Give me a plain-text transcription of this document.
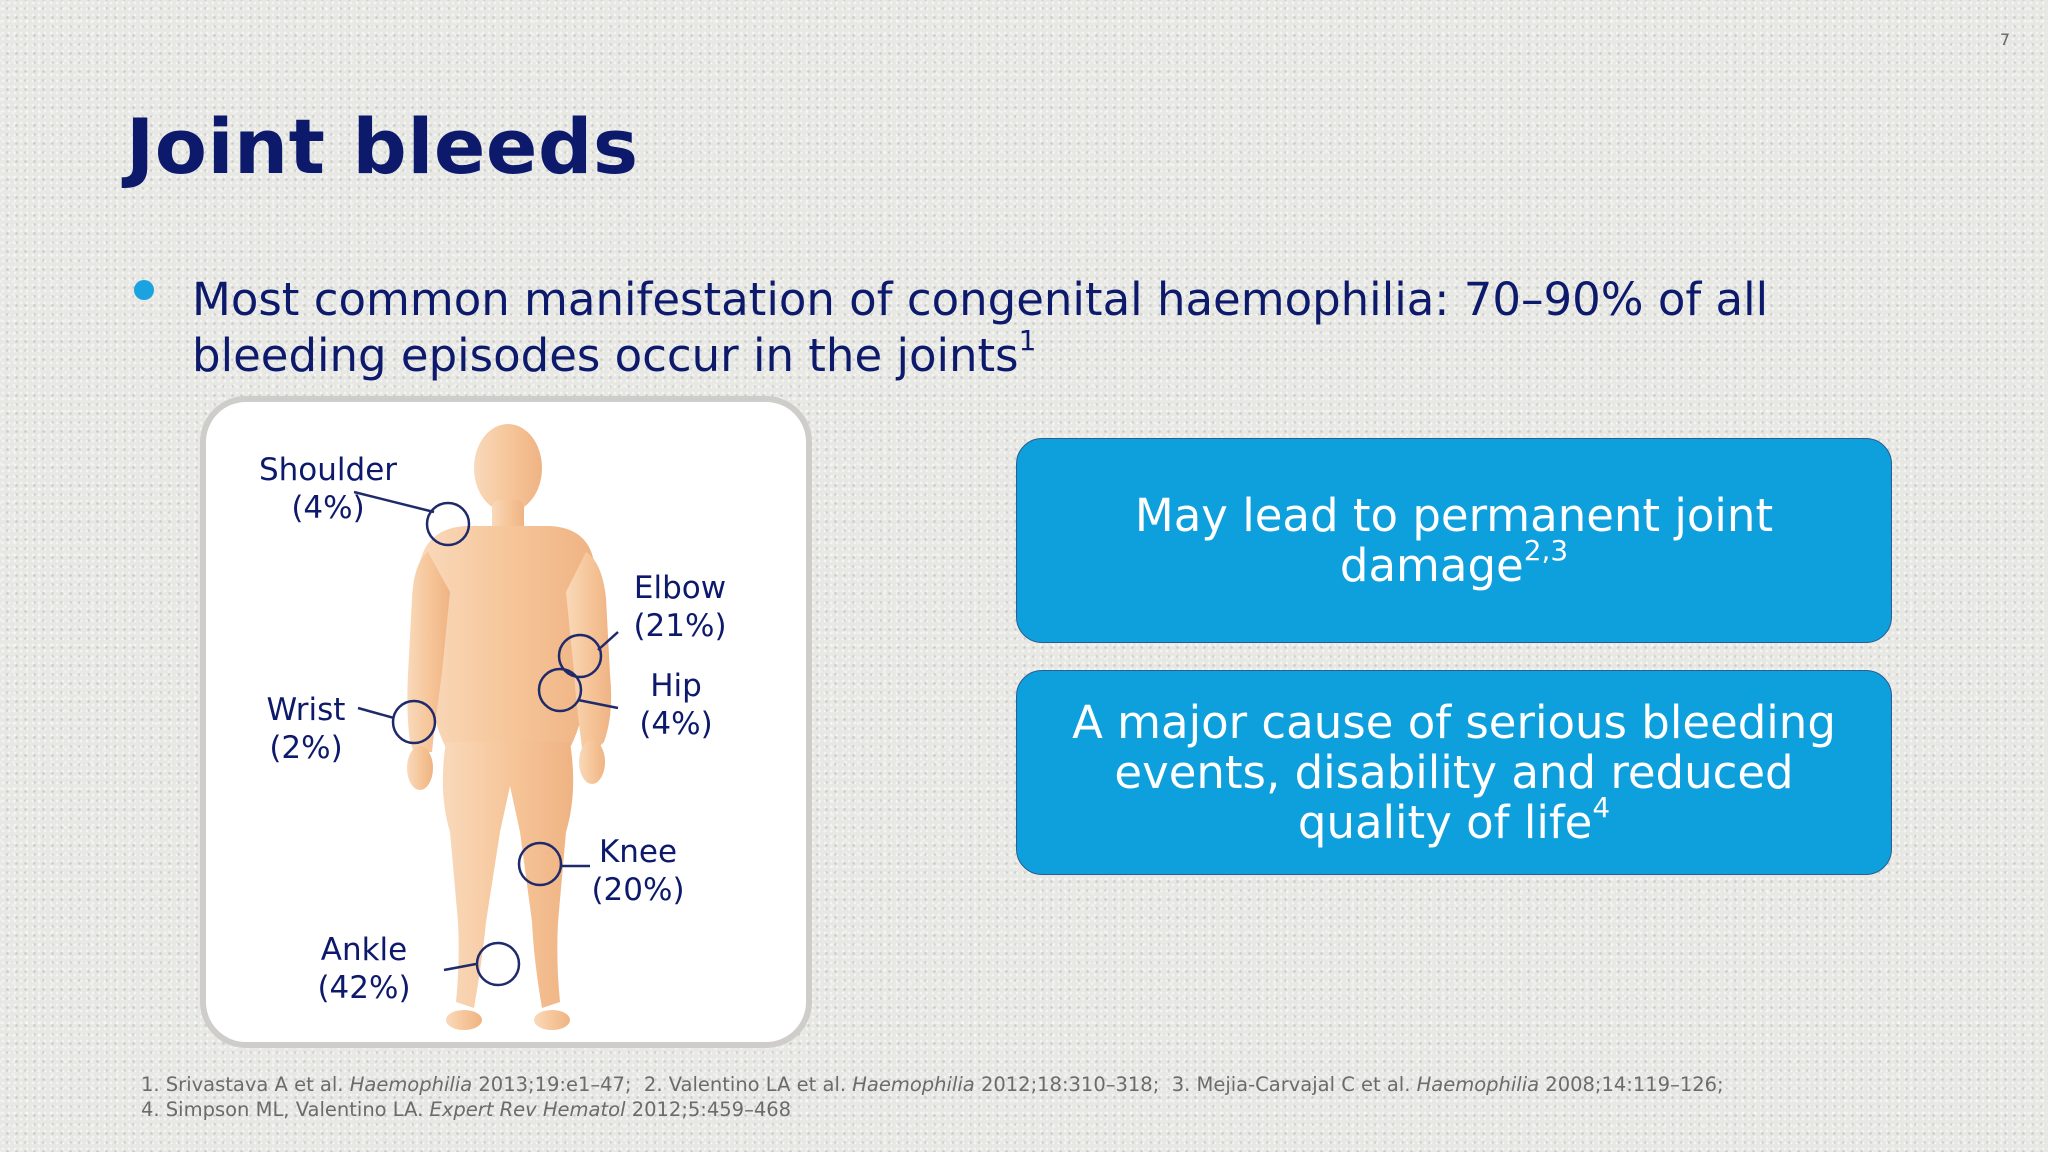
7
Joint bleeds
Most common manifestation of congenital haemophilia: 70–90% of all bleeding episodes occur in the joints$^1$
Shoulder
(4%)
Elbow
(21%)
Wrist
(2%)
Hip
(4%)
Knee
(20%)
Ankle
(42%)
May lead to permanent joint damage$^{2,3}$
A major cause of serious bleeding events, disability and reduced quality of life$^4$
1. Srivastava A et al. Haemophilia 2013;19:e1–47;  2. Valentino LA et al. Haemophilia 2012;18:310–318;  3. Mejia-Carvajal C et al. Haemophilia 2008;14:119–126;
4. Simpson ML, Valentino LA. Expert Rev Hematol 2012;5:459–468
